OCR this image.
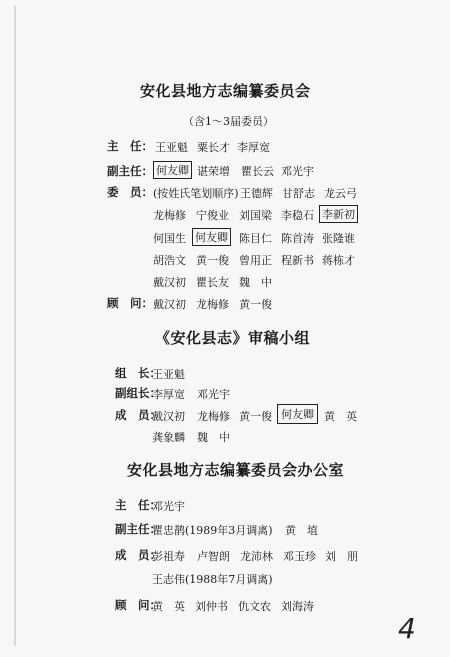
安化县地方志编纂委员会
（含1～3届委员）
主　任： 王亚魁 粟长才 李厚宽
副主任： 何友卿 谌荣增 瞿长云 邓光宇
委　员： (按姓氏笔划顺序) 王德辉 甘舒志 龙云弓
龙梅修 宁俊业 刘国梁 李稳石 李新初
何国生 何友卿 陈目仁 陈首涛 张隆谁
胡浩文 黄一俊 曾用正 程新书 蒋栋才
戴汉初 瞿长友 魏　中
顾　问： 戴汉初 龙梅修 黄一俊
《安化县志》审稿小组
组　长：
王亚魁
副组长：
李厚宽 邓光宇
成　员：
戴汉初 龙梅修 黄一俊 何友卿 黄　英
龚象麟 魏　中
安化县地方志编纂委员会办公室
主　任：
邓光宇
副主任：
瞿忠鹊(1989年3月调离) 黄　埴
成　员：
彭祖寿 卢智朗 龙沛林 邓玉珍 刘　朋
王志伟(1988年7月调离)
顾　问：
黄　英 刘仲书 仇文农 刘海涛
4
